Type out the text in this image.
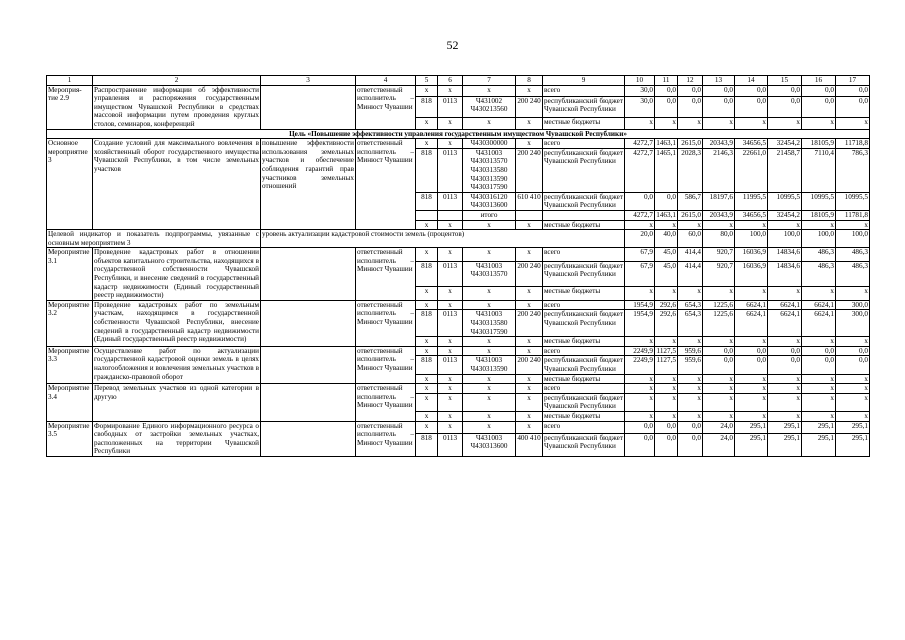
52
1	2	3	4	5	6	7	8	9	10	11	12	13	14	15	16	17
Мероприя-тие 2.9	Распространение информации об эффективности управления и распоряжения государственным имуществом Чувашской Республики в средствах массовой информации путем проведения круглых столов, семинаров, конференций		ответственный исполнитель – Минюст Чувашии	x	x	x	x	всего	30,0	0,0	0,0	0,0	0,0	0,0	0,0	0,0
				818	0113	Ч431002 Ч430213560	200 240	республиканский бюджет Чувашской Республики	30,0	0,0	0,0	0,0	0,0	0,0	0,0	0,0
				x	x	x	x	местные бюджеты	x	x	x	x	x	x	x	x
Цель «Повышение эффективности управления государственным имуществом Чувашской Республики»																
Основное мероприятие 3	Создание условий для максимального вовлечения в хозяйственный оборот государственного имущества Чувашской Республики, в том числе земельных участков	повышение эффективности использования земельных участков и обеспечение соблюдения гарантий прав участников земельных отношений	ответственный исполнитель – Минюст Чувашии	x	x	Ч430300000	x	всего	4272,7	1463,1	2615,0	20343,9	34656,5	32454,2	18105,9	11718,8
				818	0113	Ч431003 Ч430313570 Ч430313580 Ч430313590 Ч430317590	200 240	республиканский бюджет Чувашской Республики	4272,7	1465,1	2028,3	2146,3	22661,0	21458,7	7110,4	786,3
				818	0113	Ч430316120 Ч430313600	610 410	республиканский бюджет Чувашской Республики	0,0	0,0	586,7	18197,6	11995,5	10995,5	10995,5	10995,5
						итого			4272,7	1463,1	2615,0	20343,9	34656,5	32454,2	18105,9	11781,8
				x	x	x	x	местные бюджеты	x	x	x	x	x	x	x	x
Целевой индикатор и показатель подпрограммы, увязанные с основным мероприятием 3		уровень актуализации кадастровой стоимости земель (процентов)							20,0	40,0	60,0	80,0	100,0	100,0	100,0	100,0
Мероприятие 3.1	Проведение кадастровых работ в отношении объектов капитального строительства, находящихся в государственной собственности Чувашской Республики, и внесение сведений в государственный кадастр недвижимости (Единый государственный реестр недвижимости)		ответственный исполнитель – Минюст Чувашии	x	x	x	x	всего	67,9	45,0	414,4	920,7	16036,9	14834,6	486,3	486,3
				818	0113	Ч431003 Ч430313570	200 240	республиканский бюджет Чувашской Республики	67,9	45,0	414,4	920,7	16036,9	14834,6	486,3	486,3
				x	x	x	x	местные бюджеты	x	x	x	x	x	x	x	x
Мероприятие 3.2	Проведение кадастровых работ по земельным участкам, находящимся в государственной собственности Чувашской Республики, внесение сведений в государственный кадастр недвижимости (Единый государственный реестр недвижимости)		ответственный исполнитель – Минюст Чувашии	x	x	x	x	всего	1954,9	292,6	654,3	1225,6	6624,1	6624,1	6624,1	300,0
				818	0113	Ч431003 Ч430313580 Ч430317590	200 240	республиканский бюджет Чувашской Республики	1954,9	292,6	654,3	1225,6	6624,1	6624,1	6624,1	300,0
				x	x	x	x	местные бюджеты	x	x	x	x	x	x	x	x
Мероприятие 3.3	Осуществление работ по актуализации государственной кадастровой оценки земель в целях налогообложения и вовлечения земельных участков в гражданско-правовой оборот		ответственный исполнитель – Минюст Чувашии	x	x	x	x	всего	2249,9	1127,5	959,6	0,0	0,0	0,0	0,0	0,0
				818	0113	Ч431003 Ч430313590	200 240	республиканский бюджет Чувашской Республики	2249,9	1127,5	959,6	0,0	0,0	0,0	0,0	0,0
				x	x	x	x	местные бюджеты	x	x	x	x	x	x	x	x
Мероприятие 3.4	Перевод земельных участков из одной категории в другую		ответственный исполнитель – Минюст Чувашии	x	x	x	x	всего	x	x	x	x	x	x	x	x
				x	x	x	x	республиканский бюджет Чувашской Республики	x	x	x	x	x	x	x	x
				x	x	x	x	местные бюджеты	x	x	x	x	x	x	x	x
Мероприятие 3.5	Формирование Единого информационного ресурса о свободных от застройки земельных участках, расположенных на территории Чувашской Республики		ответственный исполнитель – Минюст Чувашии	x	x	x	x	всего	0,0	0,0	0,0	24,0	295,1	295,1	295,1	295,1
				818	0113	Ч431003 Ч430313600	400 410	республиканский бюджет Чувашской Республики	0,0	0,0	0,0	24,0	295,1	295,1	295,1	295,1
